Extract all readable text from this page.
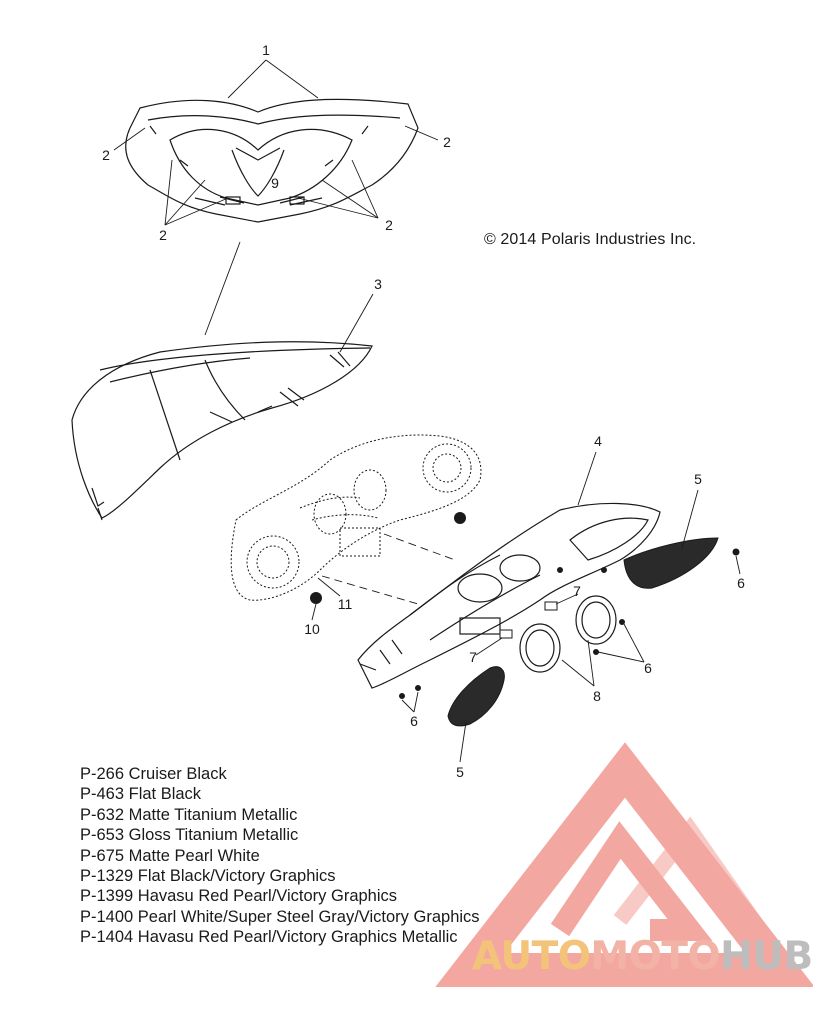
1
2
2
2
2
9
3
4
5
5
6
6
6
7
7
8
10
11
© 2014 Polaris Industries Inc.
P-266 Cruiser Black
P-463 Flat Black
P-632 Matte Titanium Metallic
P-653 Gloss Titanium Metallic
P-675 Matte Pearl White
P-1329 Flat Black/Victory Graphics
P-1399 Havasu Red Pearl/Victory Graphics
P-1400 Pearl White/Super Steel Gray/Victory Graphics
P-1404 Havasu Red Pearl/Victory Graphics Metallic AUTOMOTOHUB
